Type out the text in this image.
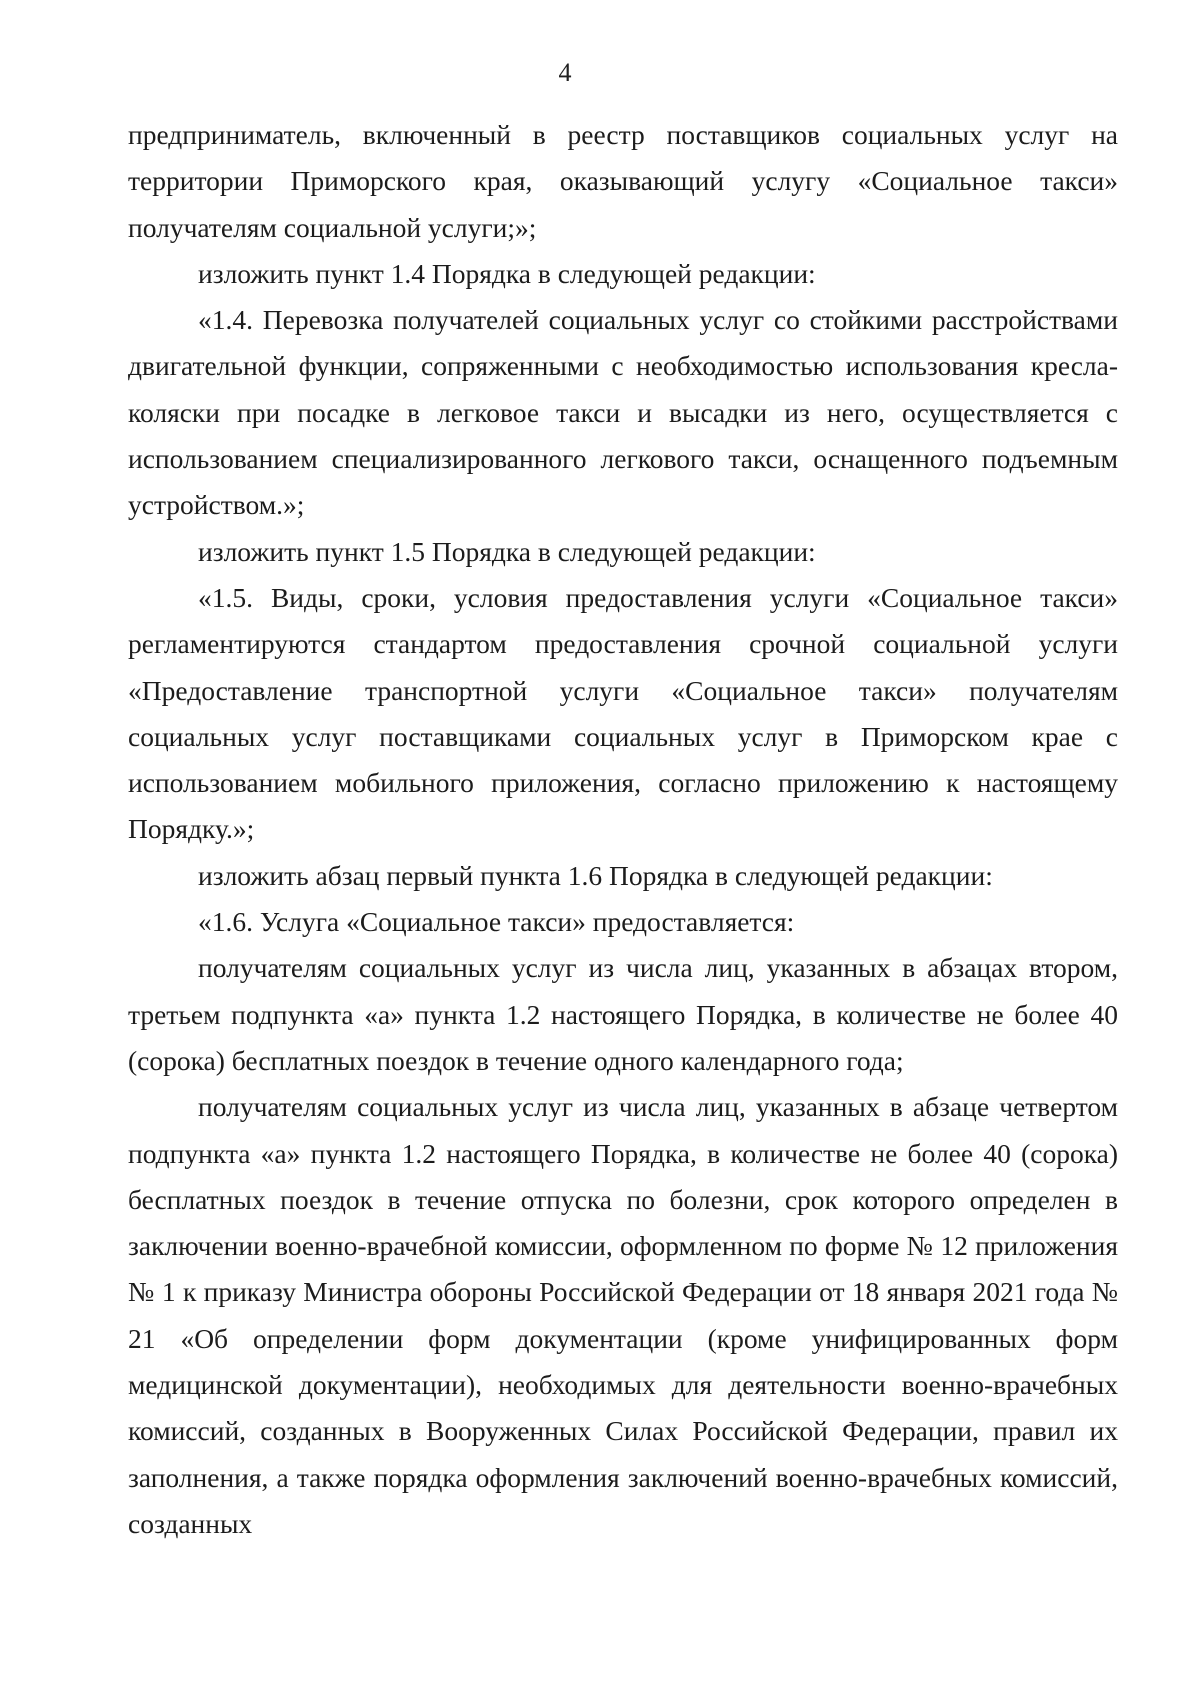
4

предприниматель, включенный в реестр поставщиков социальных услуг на территории Приморского края, оказывающий услугу «Социальное такси» получателям социальной услуги;»;

изложить пункт 1.4 Порядка в следующей редакции:

«1.4. Перевозка получателей социальных услуг со стойкими расстройствами двигательной функции, сопряженными с необходимостью использования кресла-коляски при посадке в легковое такси и высадки из него, осуществляется с использованием специализированного легкового такси, оснащенного подъемным устройством.»;

изложить пункт 1.5 Порядка в следующей редакции:

«1.5. Виды, сроки, условия предоставления услуги «Социальное такси» регламентируются стандартом предоставления срочной социальной услуги «Предоставление транспортной услуги «Социальное такси» получателям социальных услуг поставщиками социальных услуг в Приморском крае с использованием мобильного приложения, согласно приложению к настоящему Порядку.»;

изложить абзац первый пункта 1.6 Порядка в следующей редакции:

«1.6. Услуга «Социальное такси» предоставляется:

получателям социальных услуг из числа лиц, указанных в абзацах втором, третьем подпункта «а» пункта 1.2 настоящего Порядка, в количестве не более 40 (сорока) бесплатных поездок в течение одного календарного года;

получателям социальных услуг из числа лиц, указанных в абзаце четвертом подпункта «а» пункта 1.2 настоящего Порядка, в количестве не более 40 (сорока) бесплатных поездок в течение отпуска по болезни, срок которого определен в заключении военно-врачебной комиссии, оформленном по форме № 12 приложения № 1 к приказу Министра обороны Российской Федерации от 18 января 2021 года № 21 «Об определении форм документации (кроме унифицированных форм медицинской документации), необходимых для деятельности военно-врачебных комиссий, созданных в Вооруженных Силах Российской Федерации, правил их заполнения, а также порядка оформления заключений военно-врачебных комиссий, созданных
